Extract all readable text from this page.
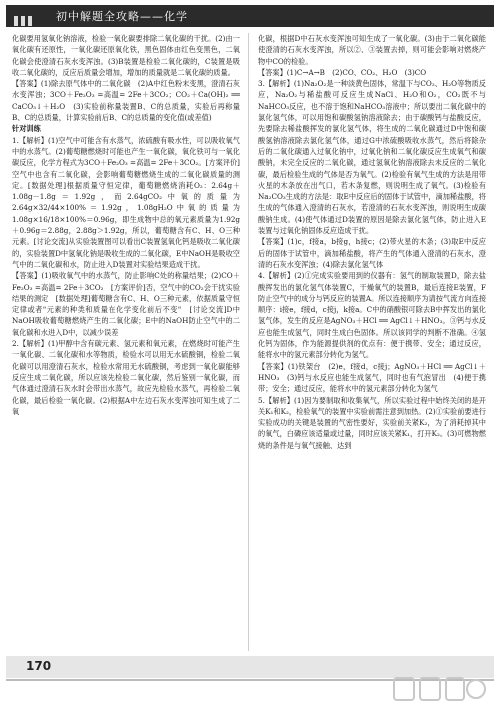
初中解题全攻略——化学

化碳要用氢氧化钠溶液，检验一氧化碳要排除二氧化碳的干扰。(2)由一氧化碳有还原性，一氧化碳还原氧化铁，黑色固体由红色变黑色，二氧化碳会使澄清石灰水变浑浊。(3)B装置是检验二氧化碳的，C装置是吸收二氧化碳的，反应后质量会增加，增加的质量就是二氧化碳的质量。

【答案】(1)除去原气体中的二氧化碳　(2)A中红色粉末变黑，澄清石灰水变浑浊；3CO＋Fe₂O₃ =高温= 2Fe＋3CO₂；CO₂＋Ca(OH)₂ ══ CaCO₃↓＋H₂O　(3)实验前称量装置B、C的总质量，实验后再称量B、C的总质量，计算实验前后B、C的总质量的变化值(或差值)

针对训练

1.【解析】(1)空气中可能含有水蒸气，浓硫酸有吸水性，可以吸收氧气中的水蒸气。(2)葡萄糖燃烧时可能也产生一氧化碳，氧化铁可与一氧化碳反应，化学方程式为3CO＋Fe₂O₃ =高温= 2Fe＋3CO₂。[方案评价]空气中也含有二氧化碳，会影响葡萄糖燃烧生成的二氧化碳质量的测定。[数据处理]根据质量守恒定律，葡萄糖燃烧消耗O₂：2.64g＋1.08g－1.8g＝1.92g，而2.64gCO₂中氧的质量为2.64g×32/44×100%＝1.92g，1.08gH₂O中氧的质量为1.08g×16/18×100%＝0.96g，即生成物中总的氧元素质量为1.92g＋0.96g＝2.88g，2.88g＞1.92g，所以，葡萄糖含有C、H、O三种元素。[讨论交流]从实验装置图可以看出C装置氢氧化钙是吸收二氧化碳的，实验装置D中氢氧化钠是吸收生成的二氧化碳，E中NaOH是吸收空气中的二氧化碳和水，防止进入D装置对实验结果造成干扰。

【答案】(1)吸收氧气中的水蒸气，防止影响C处的称量结果；(2)CO＋Fe₂O₃ =高温= 2Fe＋3CO₂　[方案评价]否，空气中的CO₂会干扰实验结果的测定　[数据处理]葡萄糖含有C、H、O三种元素，依据质量守恒定律或者"元素的种类和质量在化学变化前后不变"　[讨论交流]D中NaOH吸收葡萄糖燃烧产生的二氧化碳；E中的NaOH防止空气中的二氧化碳和水进入D中，以减少误差

2.【解析】(1)甲醇中含有碳元素、氢元素和氧元素，在燃烧时可能产生一氧化碳、二氧化碳和水等物质，检验水可以用无水硫酸铜，检验二氧化碳可以用澄清石灰水，检验水常用无水硫酸铜，考虑到一氧化碳能够反应生成二氧化碳，所以应该先检验二氧化碳，然后鉴别一氧化碳，而气体通过澄清石灰水时会带出水蒸气，故应先检验水蒸气，再检验二氧化碳，最后检验一氧化碳。(2)根据A中左边石灰水变浑浊可知生成了二氧

化碳，根据D中石灰水变浑浊可知生成了一氧化碳。(3)由于二氧化碳能使澄清的石灰水变浑浊，所以②、③装置去掉，则可能会影响对燃烧产物中CO的检验。

【答案】(1)C→A→B　(2)CO、CO₂、H₂O　(3)CO

3.【解析】(1)Na₂O₂是一种淡黄色固体，常温下与CO₂、H₂O等物质反应，Na₂O₂与稀盐酸可反应生成NaCl、H₂O和O₂，CO₂既不与NaHCO₃反应，也不溶于饱和NaHCO₃溶液中；所以要出二氧化碳中的氯化氢气体，可以用饱和碳酸氢钠溶液除去；由于碳酸钙与盐酸反应，先要除去稀盐酸挥发的氯化氢气体，将生成的二氧化碳通过D中饱和碳酸氢钠溶液除去氯化氢气体，通过G中浓硫酸吸收水蒸气，然后将除杂后的二氧化碳通入过氧化钠中，过氧化钠和二氧化碳反应生成氧气和碳酸钠，未完全反应的二氧化碳，通过氢氧化钠溶液除去未反应的二氧化碳，最后检验生成的气体是否为氧气。(2)检验有氧气生成的方法是用带火星的木条放在出气口，若木条复燃，则说明生成了氧气。(3)检验有Na₂CO₃生成的方法是：取E中反应后的固体于试管中，滴加稀盐酸，将生成的气体通入澄清的石灰水，若澄清的石灰水变浑浊，则说明生成碳酸钠生成。(4)使气体通过D装置的原因是除去氯化氢气体，防止进入E装置与过氧化钠固体反应造成干扰。

【答案】(1)c，f接a，b接g，h接c；(2)带火星的木条；(3)取E中反应后的固体于试管中，滴加稀盐酸，将产生的气体通入澄清的石灰水，澄清的石灰水变浑浊；(4)除去氯化氢气体

4.【解析】(2)①完成实验要用到的仪器有：氢气的制取装置D，除去盐酸挥发出的氯化氢气体装置C，干燥氧气的装置B，最后连接E装置，F防止空气中的成分与钙反应的装置A。所以连接顺序为请按气流方向连接顺序：i接e，f接d，c接j，k接a。C中的硝酸银可除去B中挥发出的氯化氢气体，发生的反应是AgNO₃＋HCl ══ AgCl↓＋HNO₃。③钙与水反应也能生成氢气，同时生成白色固体。所以该同学的判断不准确。④氢化钙为固体，作为能源提供剂的优点有：便于携带、安全；通过反应，能将水中的氢元素部分转化为氢气。

【答案】(1)铁架台　(2)e，f接d，c接j；AgNO₃＋HCl ══ AgCl↓＋HNO₃　(3)钙与水反应也能生成氢气，同时也有气泡冒出　(4)便于携带；安全；通过反应，能将水中的氢元素部分转化为氢气

5.【解析】(1)因为要制取和收集氧气，所以实验过程中始终关闭的是开关K₁和K₂，检验氧气的装置中实验前需注意到加热。(2)①实验前要进行实验成功的关键是装置的气密性要好，实验前关紧K₂，为了消耗掉其中的氧气，白磷应该适量或过量，同时应该关紧K₁，打开K₂。(3)可燃物燃烧的条件是与氧气接触、达到

170
